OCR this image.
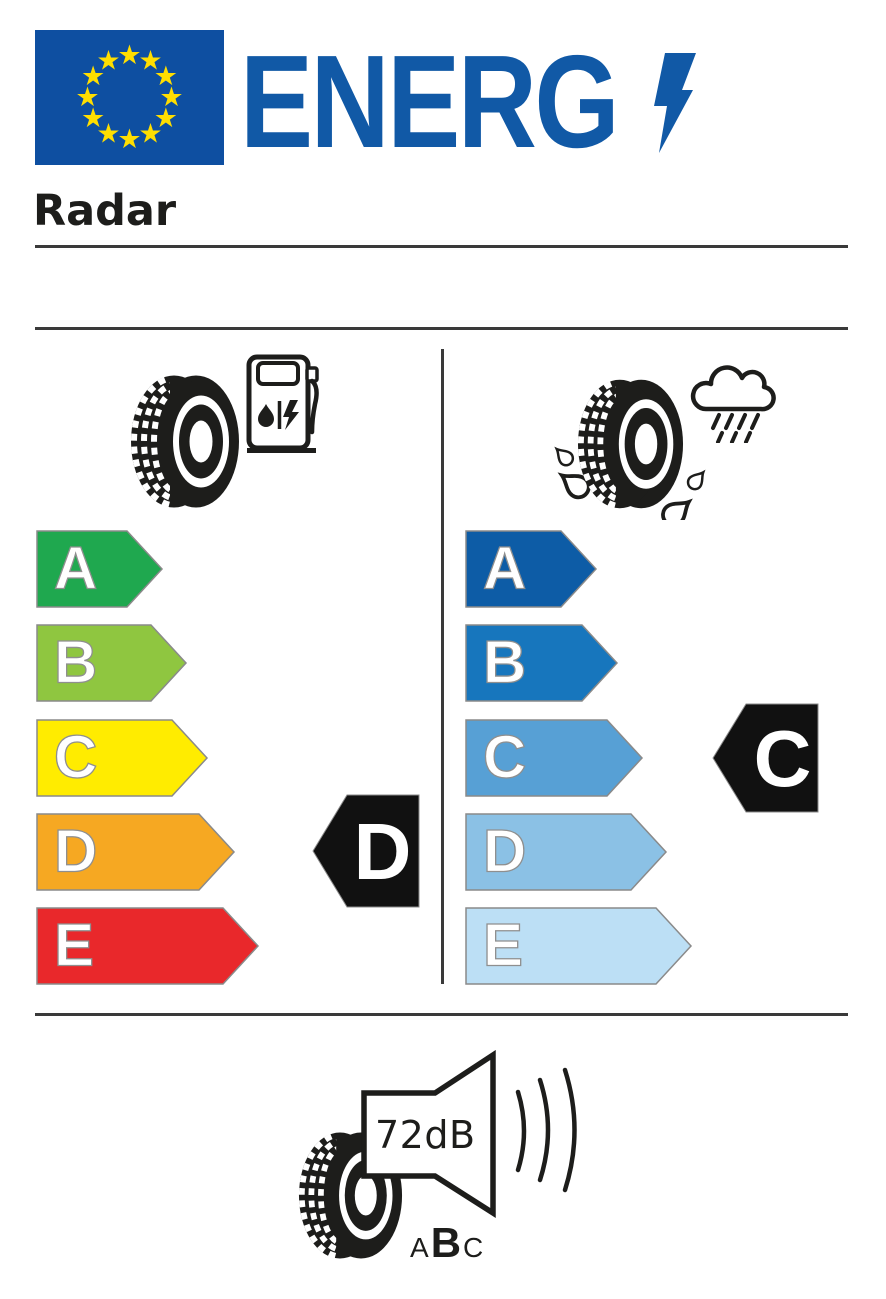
★
★
★
★
★
★
★
★
★
★
★
★ ENERG
Radar
A
B
C
D
E
D
A
B
C
D
E
C
72dB
A B C
